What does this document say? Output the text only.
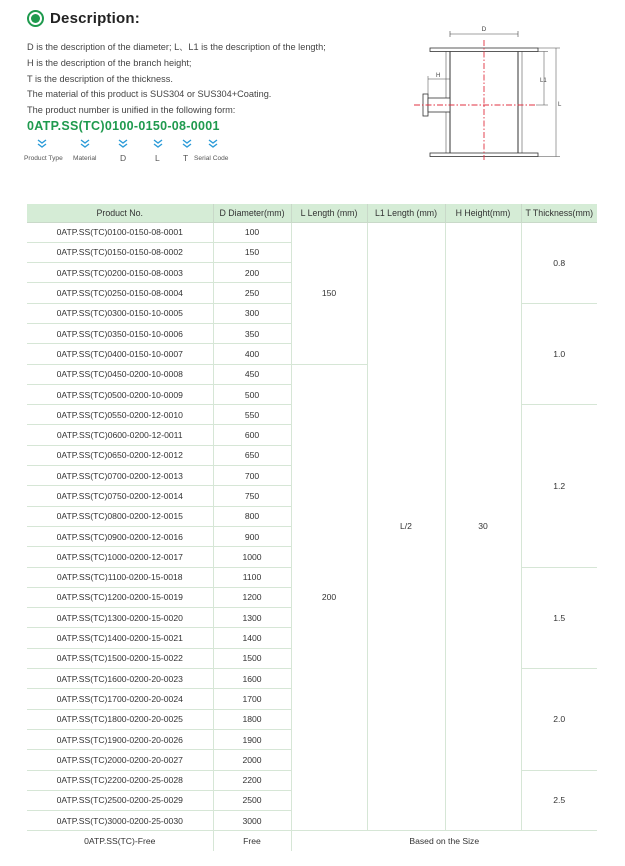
Description:
D is the description of the diameter; L、L1 is the description of the length;
H is the description of the branch height;
T is the description of the thickness.
The material of this product is SUS304 or SUS304+Coating.
The product number is unified in the following form:
0ATP.SS(TC)0100-0150-08-0001
Product Type Material	D	L	T Serial Code
D
H
L1
L
Product No.	D Diameter(mm)	L Length (mm)	L1 Length (mm)	H Height(mm)	T Thickness(mm)
0ATP.SS(TC)0100-0150-08-0001	100	150	L/2	30	0.8
0ATP.SS(TC)0150-0150-08-0002	150				
0ATP.SS(TC)0200-0150-08-0003	200				
0ATP.SS(TC)0250-0150-08-0004	250				
0ATP.SS(TC)0300-0150-10-0005	300				1.0
0ATP.SS(TC)0350-0150-10-0006	350				
0ATP.SS(TC)0400-0150-10-0007	400				
0ATP.SS(TC)0450-0200-10-0008	450	200			
0ATP.SS(TC)0500-0200-10-0009	500				
0ATP.SS(TC)0550-0200-12-0010	550				1.2
0ATP.SS(TC)0600-0200-12-0011	600				
0ATP.SS(TC)0650-0200-12-0012	650				
0ATP.SS(TC)0700-0200-12-0013	700				
0ATP.SS(TC)0750-0200-12-0014	750				
0ATP.SS(TC)0800-0200-12-0015	800				
0ATP.SS(TC)0900-0200-12-0016	900				
0ATP.SS(TC)1000-0200-12-0017	1000				
0ATP.SS(TC)1100-0200-15-0018	1100				1.5
0ATP.SS(TC)1200-0200-15-0019	1200				
0ATP.SS(TC)1300-0200-15-0020	1300				
0ATP.SS(TC)1400-0200-15-0021	1400				
0ATP.SS(TC)1500-0200-15-0022	1500				
0ATP.SS(TC)1600-0200-20-0023	1600				2.0
0ATP.SS(TC)1700-0200-20-0024	1700				
0ATP.SS(TC)1800-0200-20-0025	1800				
0ATP.SS(TC)1900-0200-20-0026	1900				
0ATP.SS(TC)2000-0200-20-0027	2000				
0ATP.SS(TC)2200-0200-25-0028	2200				2.5
0ATP.SS(TC)2500-0200-25-0029	2500				
0ATP.SS(TC)3000-0200-25-0030	3000				
0ATP.SS(TC)-Free	Free	Based on the Size			
